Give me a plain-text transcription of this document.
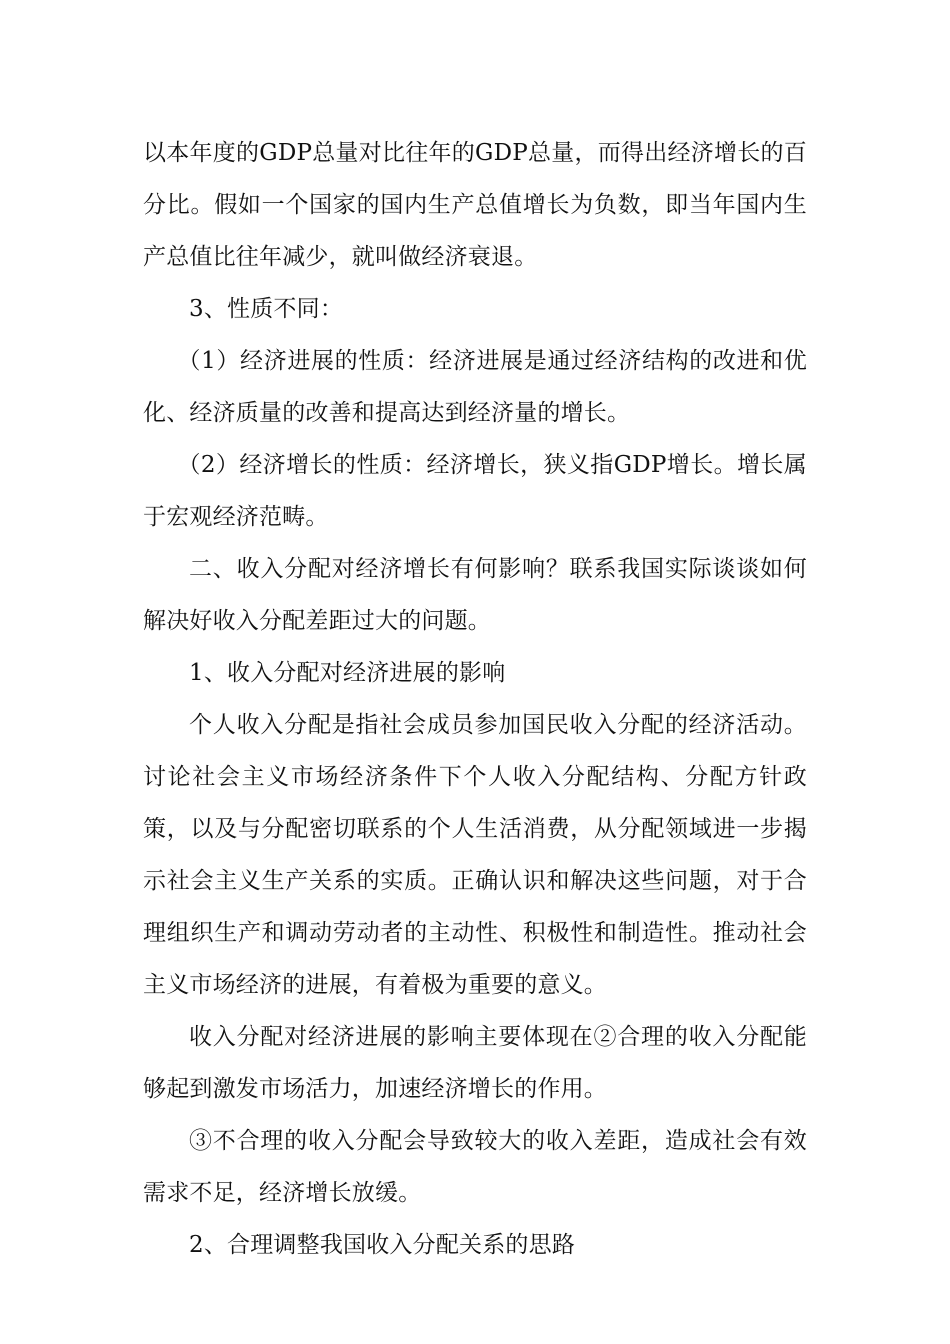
以本年度的GDP总量对比往年的GDP总量，而得出经济增长的百分比。假如一个国家的国内生产总值增长为负数，即当年国内生产总值比往年减少，就叫做经济衰退。

3、性质不同：

（1）经济进展的性质：经济进展是通过经济结构的改进和优化、经济质量的改善和提高达到经济量的增长。

（2）经济增长的性质：经济增长，狭义指GDP增长。增长属于宏观经济范畴。

二、收入分配对经济增长有何影响？联系我国实际谈谈如何解决好收入分配差距过大的问题。

1、收入分配对经济进展的影响

个人收入分配是指社会成员参加国民收入分配的经济活动。讨论社会主义市场经济条件下个人收入分配结构、分配方针政策，以及与分配密切联系的个人生活消费，从分配领域进一步揭示社会主义生产关系的实质。正确认识和解决这些问题，对于合理组织生产和调动劳动者的主动性、积极性和制造性。推动社会主义市场经济的进展，有着极为重要的意义。

收入分配对经济进展的影响主要体现在②合理的收入分配能够起到激发市场活力，加速经济增长的作用。

③不合理的收入分配会导致较大的收入差距，造成社会有效需求不足，经济增长放缓。

2、合理调整我国收入分配关系的思路
